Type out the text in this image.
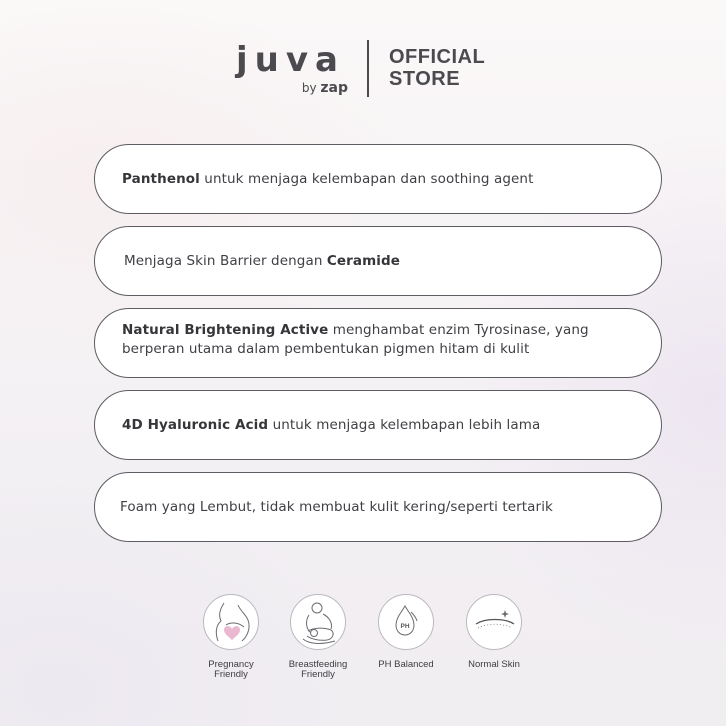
juva
by zap
OFFICIAL
STORE
Panthenol untuk menjaga kelembapan dan soothing agent
Menjaga Skin Barrier dengan Ceramide
Natural Brightening Active menghambat enzim Tyrosinase, yang berperan utama dalam pembentukan pigmen hitam di kulit
4D Hyaluronic Acid untuk menjaga kelembapan lebih lama
Foam yang Lembut, tidak membuat kulit kering/seperti tertarik
Pregnancy
Friendly
Breastfeeding
Friendly
PH
PH Balanced	Normal Skin
